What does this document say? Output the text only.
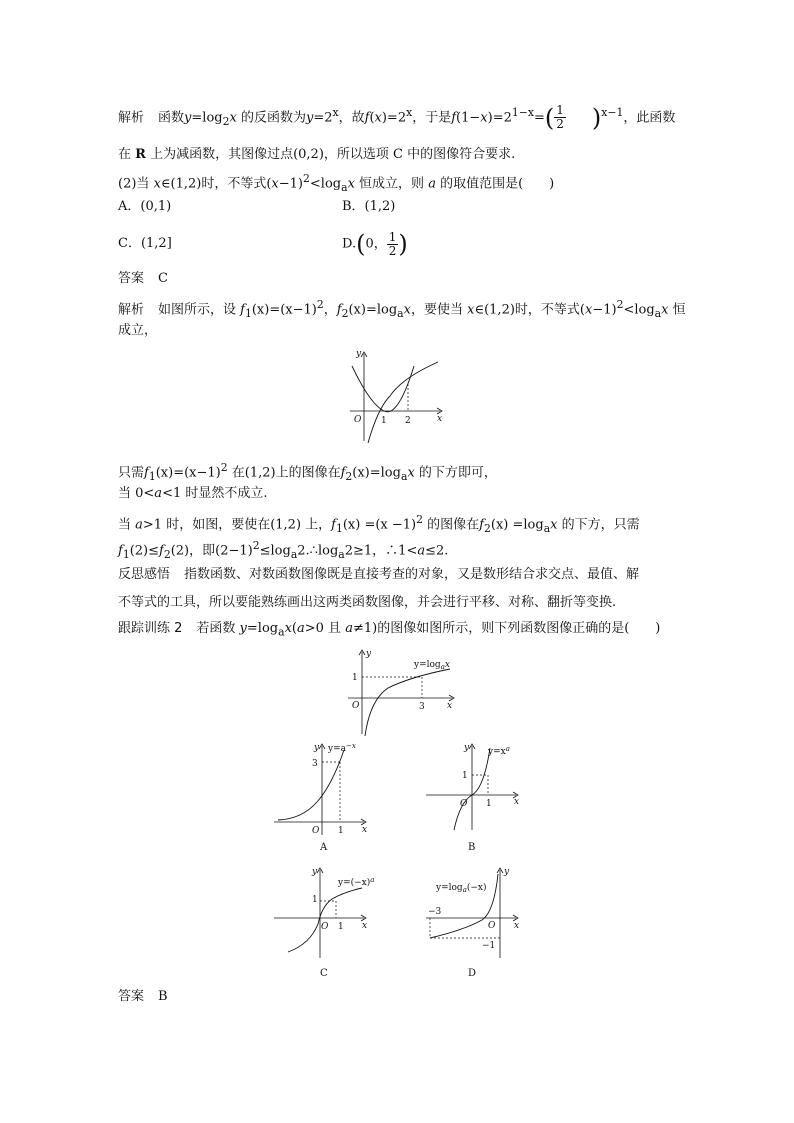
解析 函数$y=\log_2x$ 的反函数为$y=2^x$，故$f(x)=2^x$，于是$f(1-x)=2^{1-x}=( \frac{1}{2} )^{x-1}$，此函数
在 R 上为减函数，其图像过点(0,2)，所以选项 C 中的图像符合要求.
(2)当 x∈(1,2)时，不等式$(x-1)^2<\log_ax$ 恒成立，则 a 的取值范围是(　　)
A．(0,1)	B．(1,2)
C．(1,2]	D.(0， $\frac{1}{2}$ )
答案 C
解析 如图所示，设 $f_1(x)=(x-1)^2$，$f_2(x)=\log_ax$，要使当 x∈(1,2)时，不等式$(x-1)^2<\log_ax$ 恒
成立，
y
O 1 2	x
只需$f_1(x)=(x-1)^2$ 在(1,2)上的图像在$f_2(x)=\log_ax$ 的下方即可，
当 0<a<1 时显然不成立.
当 a>1 时，如图，要使在(1,2) 上，$f_1(x) =(x -1)^2$ 的图像在$f_2(x) =\log_ax$ 的下方，只需
$f_1(2)\le f_2(2)$，即$(2-1)^2\le\log_a2.\therefore\log_a2\ge 1$，∴1<a≤2.
反思感悟 指数函数、对数函数图像既是直接考查的对象，又是数形结合求交点、最值、解
不等式的工具，所以要能熟练画出这两类函数图像，并会进行平移、对称、翻折等变换.
跟踪训练 2 若函数 $y=\log_ax(a>0$ 且 a≠1)的图像如图所示，则下列函数图像正确的是(　　)
y
1
O	3 x
$y=\log_ax$
y
3
O 1 x
$y=a^{-x}$
A
y
1
O 1 x
$y=x^a$
B
y
1
O 1 x
$y=(-x)^a$
C
y
−3
O
−1
x
$y=\log_a(-x)$
D
答案 B
